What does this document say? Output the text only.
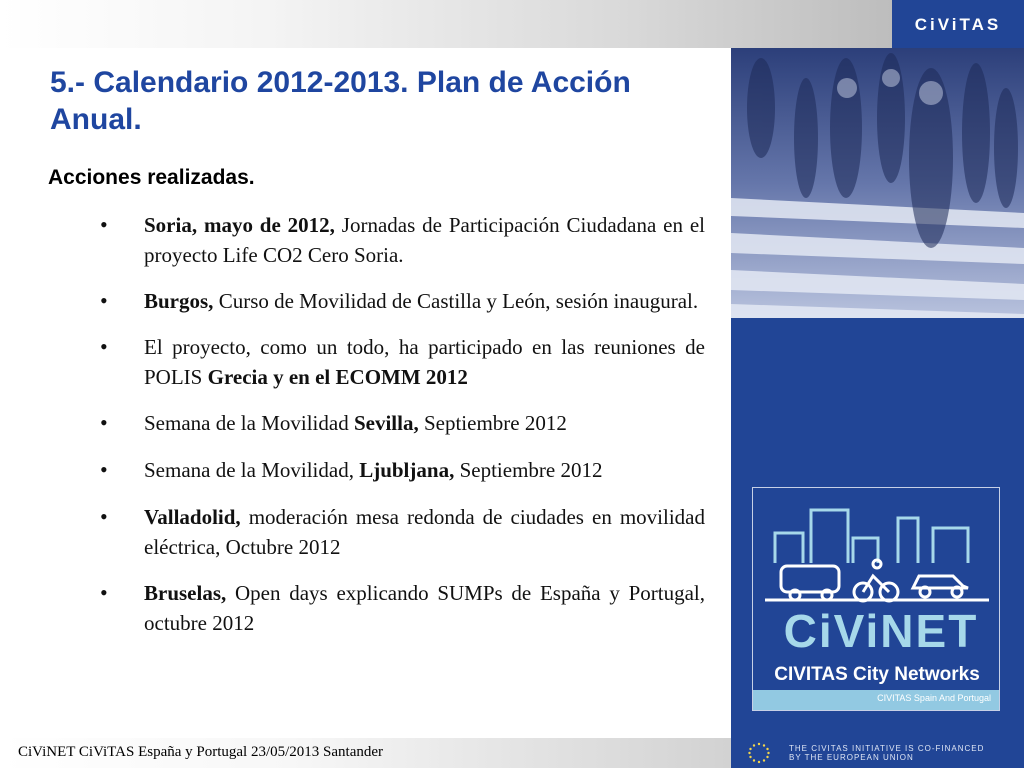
CiViTAS
5.- Calendario 2012-2013. Plan de Acción Anual.
Acciones realizadas.
• Soria, mayo de 2012, Jornadas de Participación Ciudadana en el proyecto Life CO2 Cero Soria.
• Burgos, Curso de Movilidad de Castilla y León, sesión inaugural.
• El proyecto, como un todo, ha participado en las reuniones de POLIS Grecia y en el ECOMM 2012
• Semana de la Movilidad Sevilla, Septiembre 2012
• Semana de la Movilidad, Ljubljana, Septiembre 2012
• Valladolid, moderación mesa redonda de ciudades en movilidad eléctrica, Octubre 2012
• Bruselas, Open days explicando SUMPs de España y Portugal, octubre 2012	CiViNET
CIVITAS City Networks
CIVITAS Spain And Portugal
CiViNET CiViTAS España y Portugal 23/05/2013 Santander	THE CIVITAS INITIATIVE IS CO-FINANCED
BY THE EUROPEAN UNION
